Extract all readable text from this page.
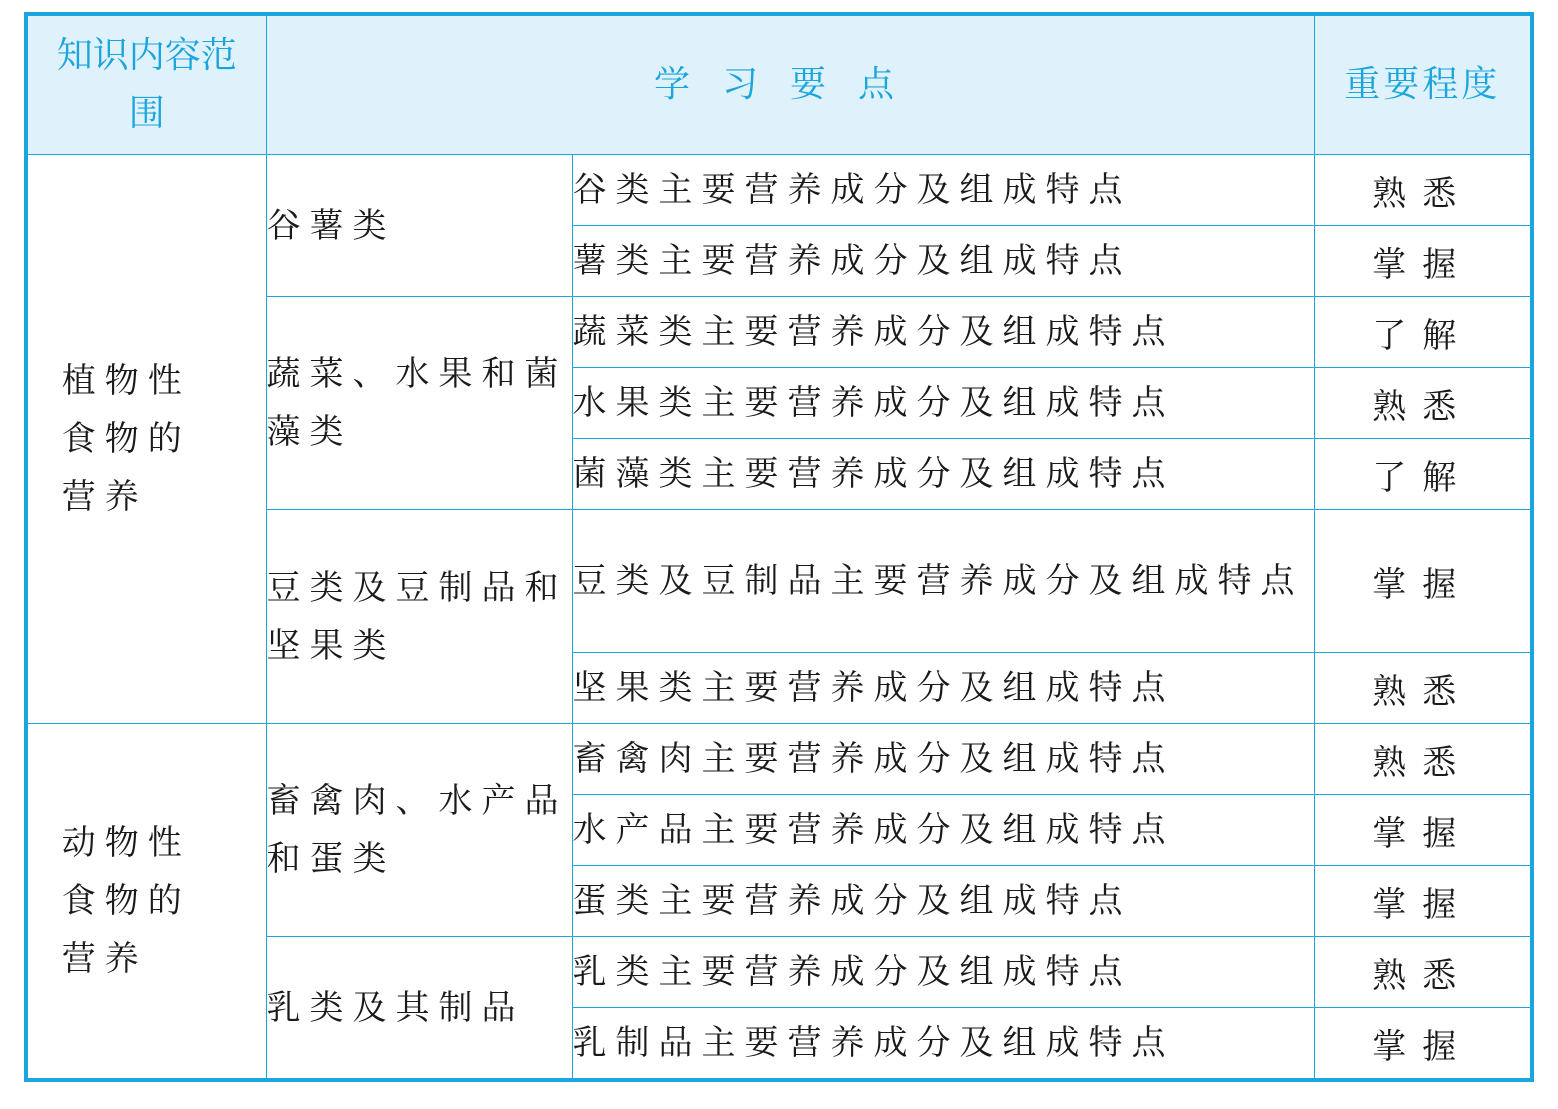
知识内容范围	学习要点		重要程度
植物性食物的营养	谷薯类	谷类主要营养成分及组成特点	熟悉
		薯类主要营养成分及组成特点	掌握
	蔬菜、水果和菌藻类	蔬菜类主要营养成分及组成特点	了解
		水果类主要营养成分及组成特点	熟悉
		菌藻类主要营养成分及组成特点	了解
	豆类及豆制品和坚果类	豆类及豆制品主要营养成分及组成特点	掌握
		坚果类主要营养成分及组成特点	熟悉
动物性食物的营养	畜禽肉、水产品和蛋类	畜禽肉主要营养成分及组成特点	熟悉
		水产品主要营养成分及组成特点	掌握
		蛋类主要营养成分及组成特点	掌握
	乳类及其制品	乳类主要营养成分及组成特点	熟悉
		乳制品主要营养成分及组成特点	掌握
